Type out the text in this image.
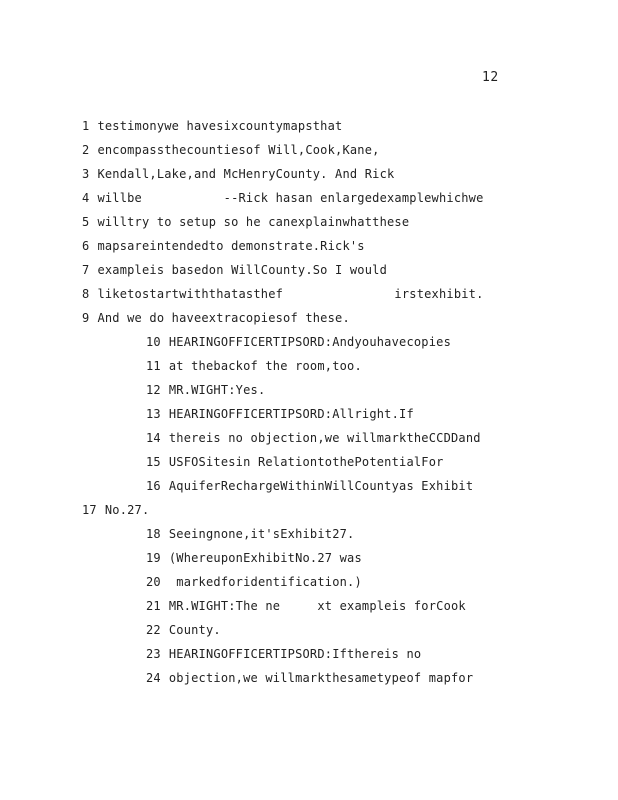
12
1 testimonywe havesixcountymapsthat
2 encompassthecountiesof Will,Cook,Kane,
3 Kendall,Lake,and McHenryCounty. And Rick
4 willbe           --Rick hasan enlargedexamplewhichwe
5 willtry to setup so he canexplainwhatthese
6 mapsareintendedto demonstrate.Rick's
7 exampleis basedon WillCounty.So I would
8 liketostartwiththatasthef               irstexhibit.
9 And we do haveextracopiesof these.
10 HEARINGOFFICERTIPSORD:Andyouhavecopies
11 at thebackof the room,too.
12 MR.WIGHT:Yes.
13 HEARINGOFFICERTIPSORD:Allright.If
14 thereis no objection,we willmarktheCCDDand
15 USFOSitesin RelationtothePotentialFor
16 AquiferRechargeWithinWillCountyas Exhibit
17 No.27.
18 Seeingnone,it'sExhibit27.
19 (WhereuponExhibitNo.27 was
20 markedforidentification.)
21 MR.WIGHT:The ne     xt exampleis forCook
22 County.
23 HEARINGOFFICERTIPSORD:Ifthereis no
24 objection,we willmarkthesametypeof mapfor
